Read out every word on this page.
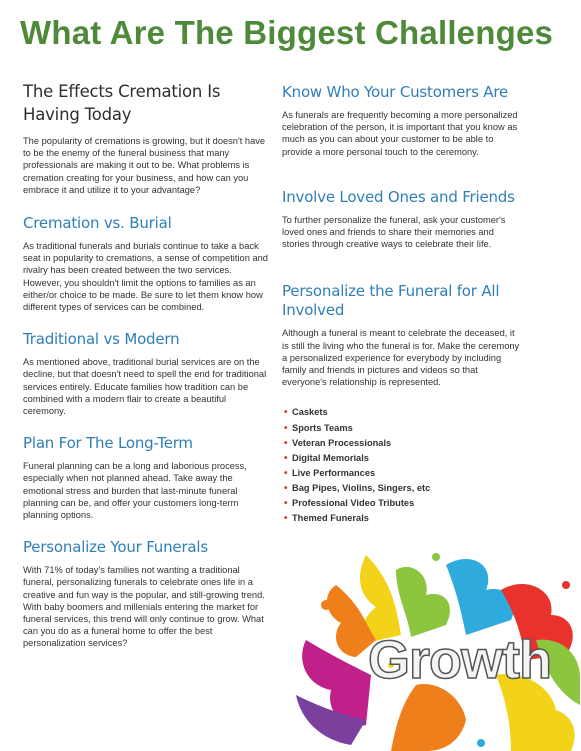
What Are The Biggest Challenges
The Effects Cremation Is Having Today

The popularity of cremations is growing, but it doesn't have to be the enemy of the funeral business that many professionals are making it out to be. What problems is cremation creating for your business, and how can you embrace it and utilize it to your advantage?

Cremation vs. Burial

As traditional funerals and burials continue to take a back seat in popularity to cremations, a sense of competition and rivalry has been created between the two services. However, you shouldn't limit the options to families as an either/or choice to be made. Be sure to let them know how different types of services can be combined.

Traditional vs Modern

As mentioned above, traditional burial services are on the decline, but that doesn't need to spell the end for traditional services entirely. Educate families how tradition can be combined with a modern flair to create a beautiful ceremony.

Plan For The Long-Term

Funeral planning can be a long and laborious process, especially when not planned ahead. Take away the emotional stress and burden that last-minute funeral planning can be, and offer your customers long-term planning options.

Personalize Your Funerals

With 71% of today's families not wanting a traditional funeral, personalizing funerals to celebrate ones life in a creative and fun way is the popular, and still-growing trend. With baby boomers and millenials entering the market for funeral services, this trend will only continue to grow. What can you do as a funeral home to offer the best personalization services?

Know Who Your Customers Are

As funerals are frequently becoming a more personalized celebration of the person, it is important that you know as much as you can about your customer to be able to provide a more personal touch to the ceremony.

Involve Loved Ones and Friends

To further personalize the funeral, ask your customer's loved ones and friends to share their memories and stories through creative ways to celebrate their life.

Personalize the Funeral for All Involved

Although a funeral is meant to celebrate the deceased, it is still the living who the funeral is for. Make the ceremony a personalized experience for everybody by including family and friends in pictures and videos so that everyone's relationship is represented.

• Caskets
• Sports Teams
• Veteran Processionals
• Digital Memorials
• Live Performances
• Bag Pipes, Violins, Singers, etc
• Professional Video Tributes
• Themed Funerals
Growth
